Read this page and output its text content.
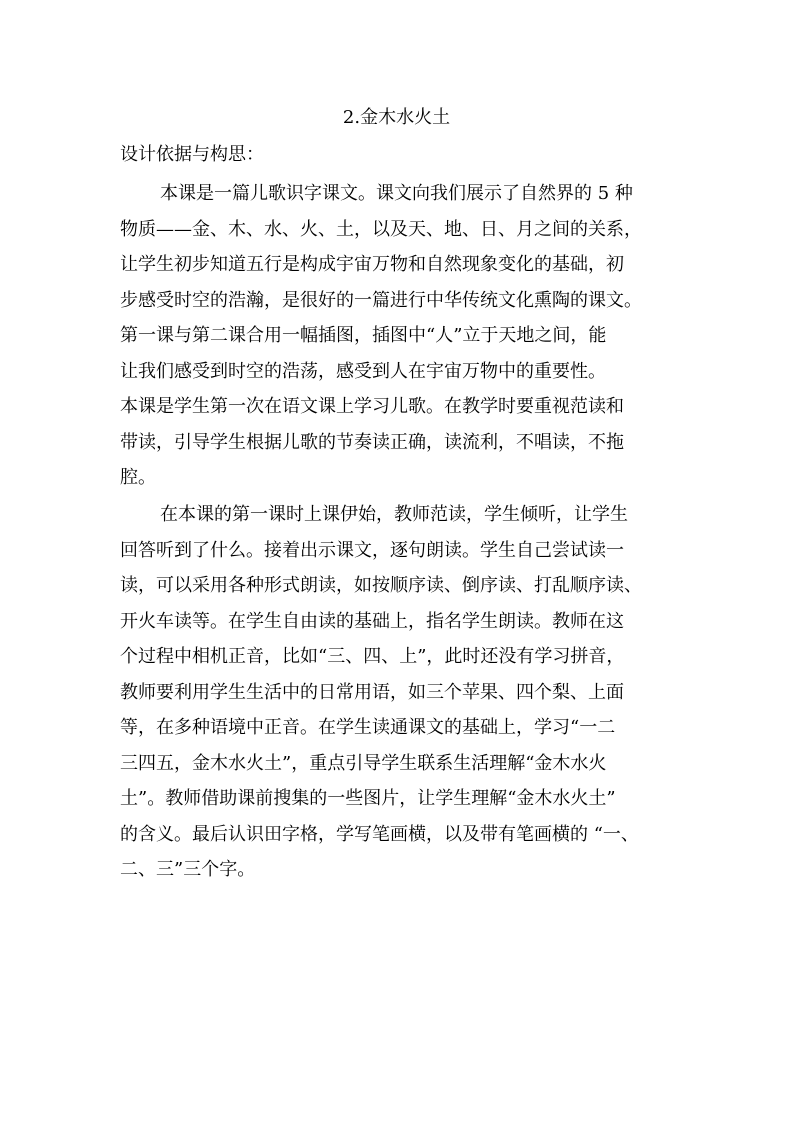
2.金木水火土
设计依据与构思：
本课是一篇儿歌识字课文。课文向我们展示了自然界的 5 种
物质——金、木、水、火、土，以及天、地、日、月之间的关系，
让学生初步知道五行是构成宇宙万物和自然现象变化的基础，初
步感受时空的浩瀚，是很好的一篇进行中华传统文化熏陶的课文。
第一课与第二课合用一幅插图，插图中“人”立于天地之间，能
让我们感受到时空的浩荡，感受到人在宇宙万物中的重要性。
本课是学生第一次在语文课上学习儿歌。在教学时要重视范读和
带读，引导学生根据儿歌的节奏读正确，读流利，不唱读，不拖
腔。
在本课的第一课时上课伊始，教师范读，学生倾听，让学生
回答听到了什么。接着出示课文，逐句朗读。学生自己尝试读一
读，可以采用各种形式朗读，如按顺序读、倒序读、打乱顺序读、
开火车读等。在学生自由读的基础上，指名学生朗读。教师在这
个过程中相机正音，比如“三、四、上”，此时还没有学习拼音，
教师要利用学生生活中的日常用语，如三个苹果、四个梨、上面
等，在多种语境中正音。在学生读通课文的基础上，学习“一二
三四五，金木水火土”，重点引导学生联系生活理解“金木水火
土”。教师借助课前搜集的一些图片，让学生理解“金木水火土”
的含义。最后认识田字格，学写笔画横，以及带有笔画横的 “一、
二、三”三个字。
